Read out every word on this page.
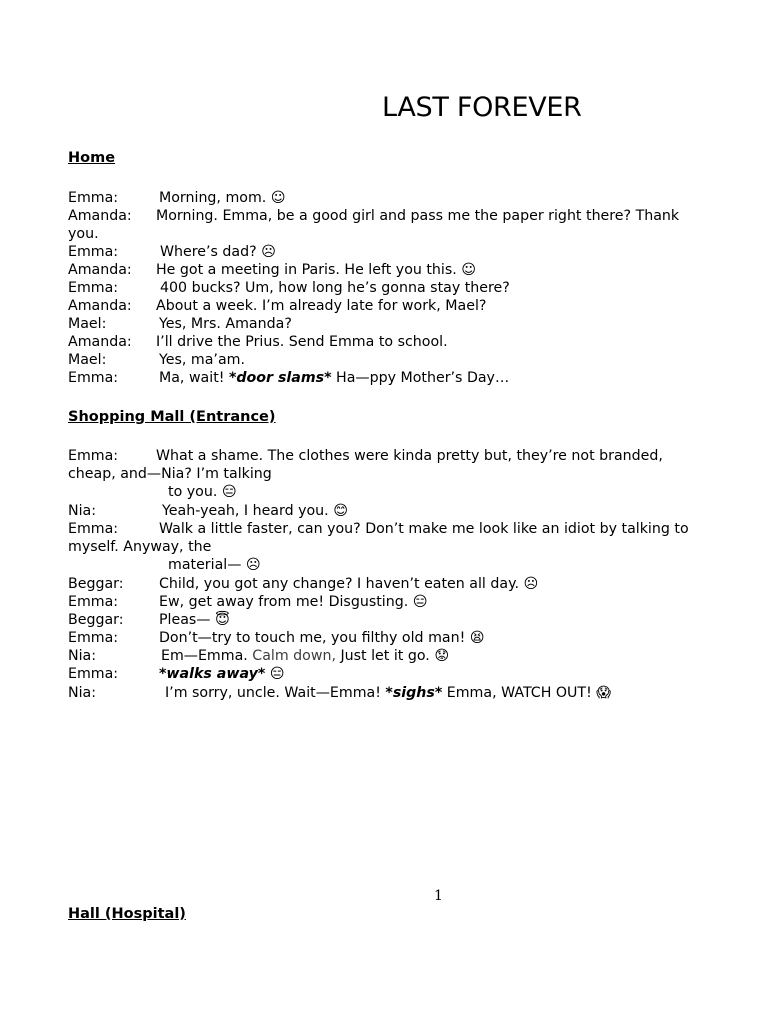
LAST FOREVER
Home
Emma:	Morning, mom. ☺
Amanda: Morning. Emma, be a good girl and pass me the paper right there? Thank
you.
Emma:	Where’s dad? ☹
Amanda: He got a meeting in Paris. He left you this. ☺
Emma:	400 bucks? Um, how long he’s gonna stay there?
Amanda: About a week. I’m already late for work, Mael?
Mael:	Yes, Mrs. Amanda?
Amanda: I’ll drive the Prius. Send Emma to school.
Mael:	Yes, ma’am.
Emma:	Ma, wait! *door slams* Ha—ppy Mother’s Day…
Shopping Mall (Entrance)
Emma:	What a shame. The clothes were kinda pretty but, they’re not branded,
cheap, and—Nia? I’m talking
to you. 😑
Nia:	Yeah-yeah, I heard you. 😊
Emma:	Walk a little faster, can you? Don’t make me look like an idiot by talking to
myself. Anyway, the
material— ☹
Beggar: Child, you got any change? I haven’t eaten all day. ☹
Emma:	Ew, get away from me! Disgusting. 😑
Beggar: Pleas— 😇
Emma:	Don’t—try to touch me, you filthy old man! 😫
Nia:	Em—Emma. Calm down, Just let it go. 😟
Emma:	*walks away* 😑
Nia:	I’m sorry, uncle. Wait—Emma! *sighs* Emma, WATCH OUT! 😱
1
Hall (Hospital)
